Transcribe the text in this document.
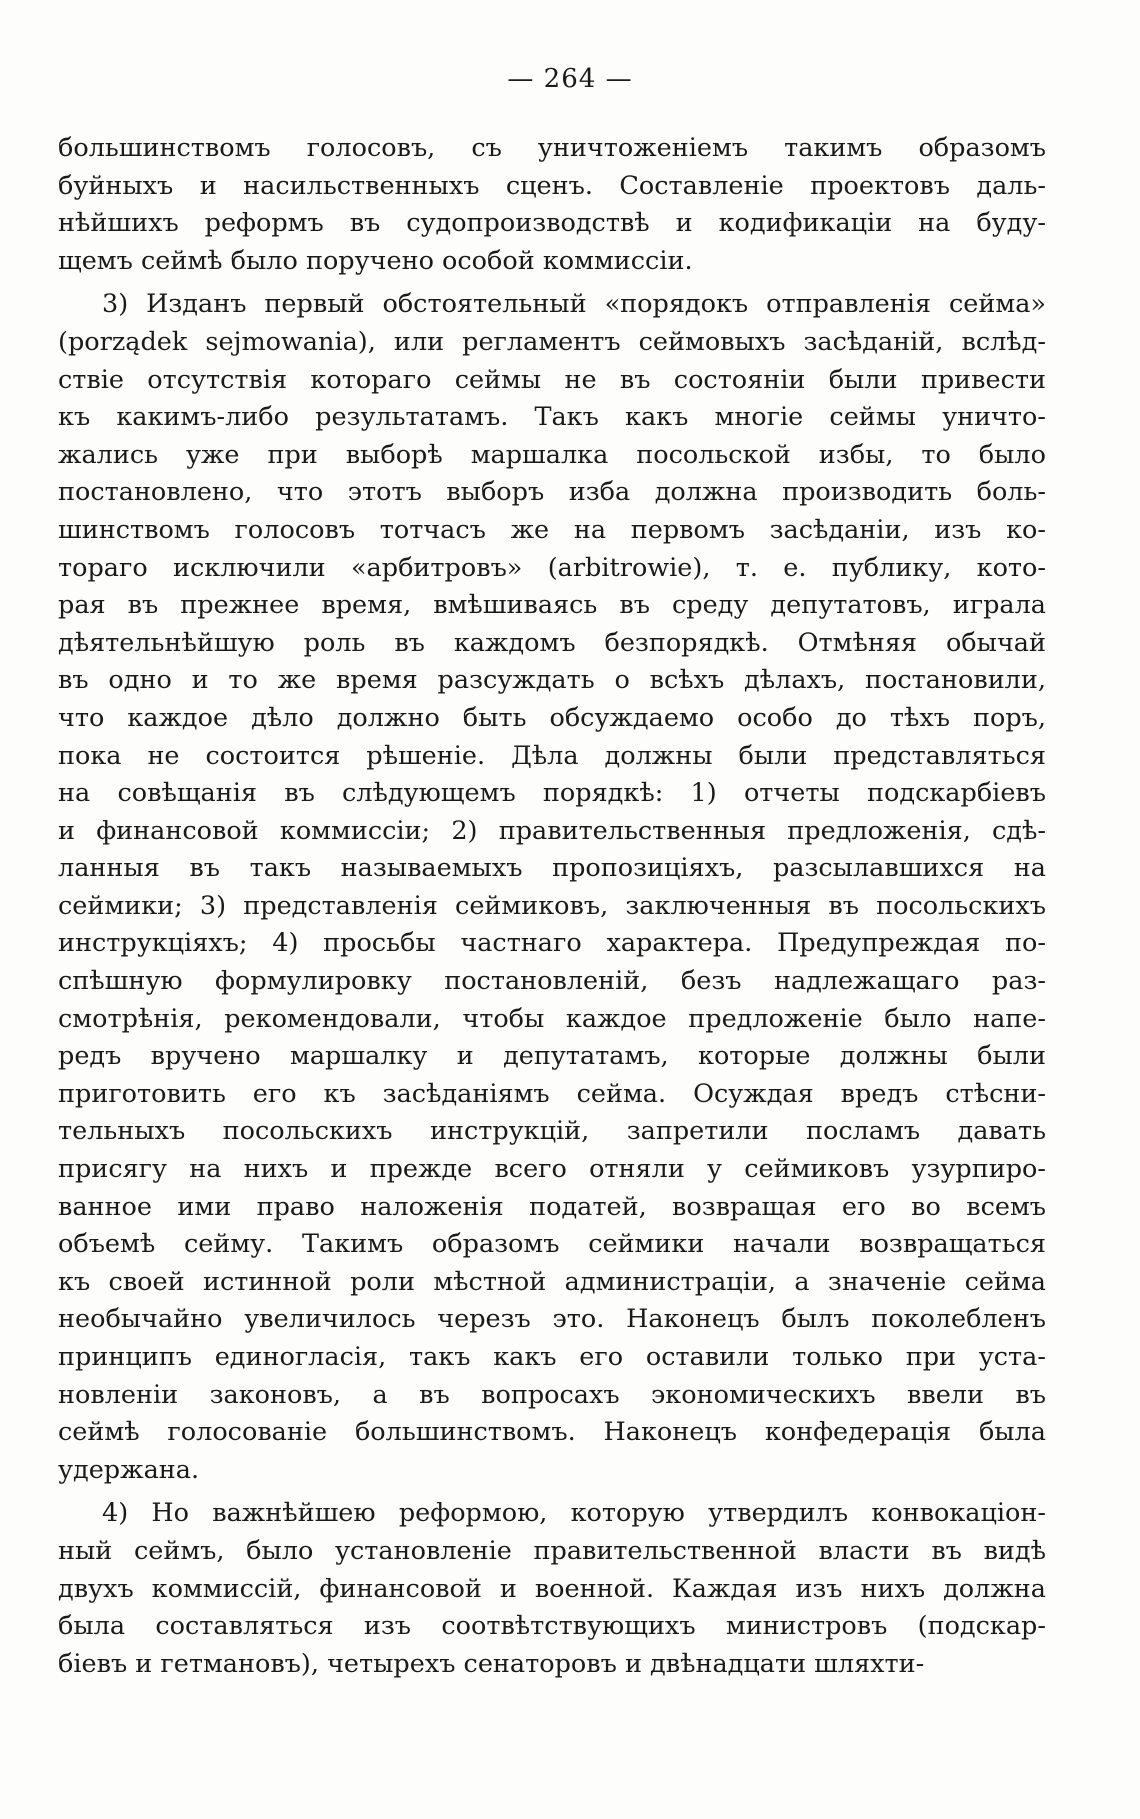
— 264 —
большинствомъ голосовъ, съ уничтоженіемъ такимъ образомъ
буйныхъ и насильственныхъ сценъ. Составленіе проектовъ даль-
нѣйшихъ реформъ въ судопроизводствѣ и кодификаціи на буду-
щемъ сеймѣ было поручено особой коммиссіи.
3) Изданъ первый обстоятельный «порядокъ отправленія сейма»
(porządek sejmowania), или регламентъ сеймовыхъ засѣданій, вслѣд-
ствіе отсутствія котораго сеймы не въ состояніи были привести
къ какимъ-либо результатамъ. Такъ какъ многіе сеймы уничто-
жались уже при выборѣ маршалка посольской избы, то было
постановлено, что этотъ выборъ изба должна производить боль-
шинствомъ голосовъ тотчасъ же на первомъ засѣданіи, изъ ко-
тораго исключили «арбитровъ» (arbitrowie), т. е. публику, кото-
рая въ прежнее время, вмѣшиваясь въ среду депутатовъ, играла
дѣятельнѣйшую роль въ каждомъ безпорядкѣ. Отмѣняя обычай
въ одно и то же время разсуждать о всѣхъ дѣлахъ, постановили,
что каждое дѣло должно быть обсуждаемо особо до тѣхъ поръ,
пока не состоится рѣшеніе. Дѣла должны были представляться
на совѣщанія въ слѣдующемъ порядкѣ: 1) отчеты подскарбіевъ
и финансовой коммиссіи; 2) правительственныя предложенія, сдѣ-
ланныя въ такъ называемыхъ пропозиціяхъ, разсылавшихся на
сеймики; 3) представленія сеймиковъ, заключенныя въ посольскихъ
инструкціяхъ; 4) просьбы частнаго характера. Предупреждая по-
спѣшную формулировку постановленій, безъ надлежащаго раз-
смотрѣнія, рекомендовали, чтобы каждое предложеніе было напе-
редъ вручено маршалку и депутатамъ, которые должны были
приготовить его къ засѣданіямъ сейма. Осуждая вредъ стѣсни-
тельныхъ посольскихъ инструкцій, запретили посламъ давать
присягу на нихъ и прежде всего отняли у сеймиковъ узурпиро-
ванное ими право наложенія податей, возвращая его во всемъ
объемѣ сейму. Такимъ образомъ сеймики начали возвращаться
къ своей истинной роли мѣстной администраціи, а значеніе сейма
необычайно увеличилось черезъ это. Наконецъ былъ поколебленъ
принципъ единогласія, такъ какъ его оставили только при уста-
новленіи законовъ, а въ вопросахъ экономическихъ ввели въ
сеймѣ голосованіе большинствомъ. Наконецъ конфедерація была
удержана.
4) Но важнѣйшею реформою, которую утвердилъ конвокаціон-
ный сеймъ, было установленіе правительственной власти въ видѣ
двухъ коммиссій, финансовой и военной. Каждая изъ нихъ должна
была составляться изъ соотвѣтствующихъ министровъ (подскар-
біевъ и гетмановъ), четырехъ сенаторовъ и двѣнадцати шляхти-
